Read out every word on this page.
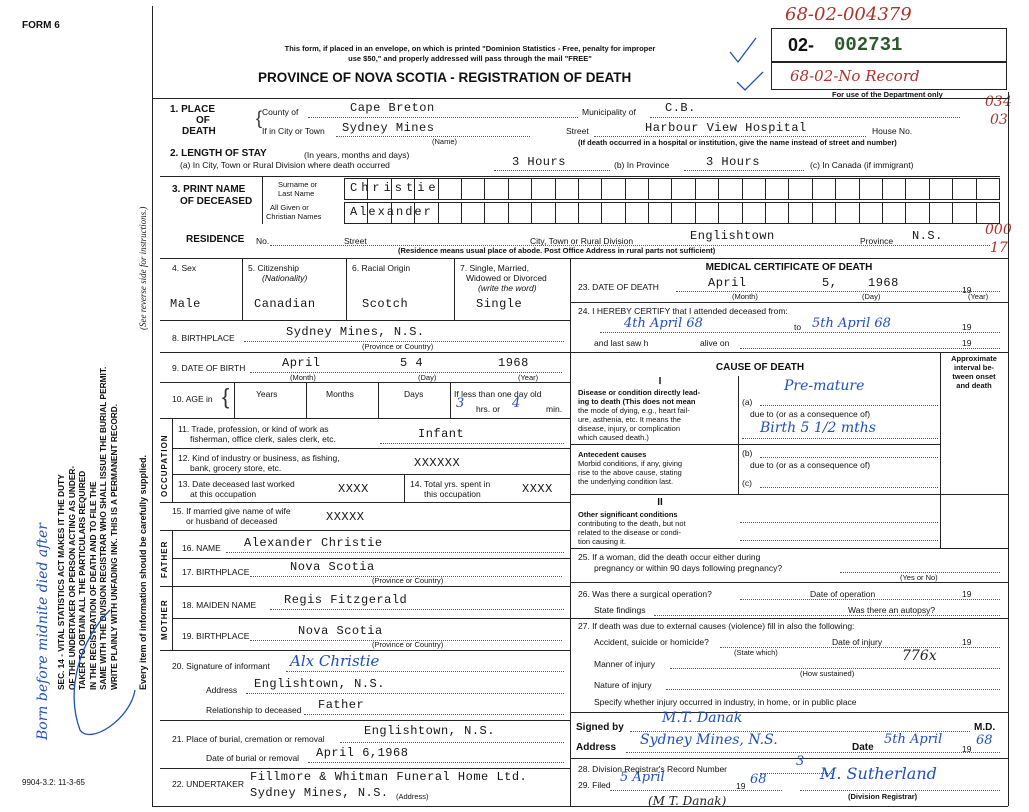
FORM 6
68-02-004379
02- 002731
68-02-No Record
For use of the Department only	034
03
000
17
This form, if placed in an envelope, on which is printed "Dominion Statistics - Free, penalty for improper
use $50," and properly addressed will pass through the mail "FREE"
PROVINCE OF NOVA SCOTIA - REGISTRATION OF DEATH
Born before midnite died after SEC. 14 - VITAL STATISTICS ACT MAKES IT THE DUTY OF THE UNDERTAKER OR PERSON ACTING AS UNDER- TAKER TO OBTAIN ALL THE PARTICULARS REQUIRED IN THE REGISTRATION OF DEATH AND TO FILE THE SAME WITH THE DIVISION REGISTRAR WHO SHALL ISSUE THE BURIAL PERMIT. WRITE PLAINLY WITH UNFADING INK. THIS IS A PERMANENT RECORD.
(See reverse side for instructions.)
Every item of information should be carefully supplied.
1. PLACE
OF
DEATH
{ County of	Cape Breton	Municipality of C.B.
If in City or Town Sydney Mines
(Name)
Street	Harbour View Hospital	House No.
(If death occurred in a hospital or institution, give the name instead of street and number)
2. LENGTH OF STAY	(In years, months and days)
(a) In City, Town or Rural Division where death occurred	3 Hours	(b) In Province	3 Hours	(c) In Canada (if immigrant)
3. PRINT NAME
OF DECEASED
Surname or
Last Name
All Given or
Christian Names
Christie
Alexander
RESIDENCE No.	Street	City, Town or Rural Division	Englishtown	Province N.S.
(Residence means usual place of abode. Post Office Address in rural parts not sufficient)
4. Sex	5. Citizenship
(Nationality)
6. Racial Origin	7. Single, Married,
Widowed or Divorced
(write the word)
Male	Canadian	Scotch	Single
8. BIRTHPLACE	Sydney Mines, N.S.
(Province or Country)
9. DATE OF BIRTH	April	5 4	1968
(Month)	(Day)	(Year)
10. AGE in {	Years	Months	Days	If less than one day old
3 hrs. or 4	min.
OCCUPATION
11. Trade, profession, or kind of work as
fisherman, office clerk, sales clerk, etc.	Infant
12. Kind of industry or business, as fishing,
bank, grocery store, etc.	XXXXXX
13. Date deceased last worked
at this occupation	XXXX	14. Total yrs. spent in
this occupation	XXXX
15. If married give name of wife
or husband of deceased	XXXXX
FATHER 16. NAME Alexander Christie
17. BIRTHPLACE	Nova Scotia
(Province or Country)
MOTHER 18. MAIDEN NAME Regis Fitzgerald
19. BIRTHPLACE	Nova Scotia
(Province or Country)
20. Signature of informant Alx Christie
Address Englishtown, N.S.
Relationship to deceased Father
21. Place of burial, cremation or removal
Englishtown, N.S.
Date of burial or removal April 6,1968
22. UNDERTAKER Fillmore & Whitman Funeral Home Ltd.
Sydney Mines, N.S. (Address)
9904-3.2: 11-3-65
MEDICAL CERTIFICATE OF DEATH
23. DATE OF DEATH	April	5,	1968	19
(Month)	(Day)	(Year)
24. I HEREBY CERTIFY that I attended deceased from:
4th April 68	to 5th April 68	19
and last saw h	alive on	19
CAUSE OF DEATH
Approximate
interval be-
tween onset
and death
I
Disease or condition directly lead-
ing to death (This does not mean
the mode of dying, e.g., heart fail-
ure, asthenia, etc. It means the
disease, injury, or complication
which caused death.)
(a)
Pre-mature
due to (or as a consequence of)
Birth 5 1/2 mths
Antecedent causes
Morbid conditions, if any, giving
rise to the above cause, stating
the underlying condition last.
(b)
due to (or as a consequence of)
(c)
II
Other significant conditions
contributing to the death, but not
related to the disease or condi-
tion causing it.
25. If a woman, did the death occur either during
pregnancy or within 90 days following pregnancy?
(Yes or No)
26. Was there a surgical operation?	Date of operation	19
State findings	Was there an autopsy?
27. If death was due to external causes (violence) fill in also the following:
Accident, suicide or homicide?	Date of injury	19
(State which)
Manner of injury	776x
(How sustained)
Nature of injury
Specify whether injury occurred in industry, in home, or in public place
Signed by
M.T. Danak
M.D.
Address Sydney Mines, N.S.	Date
5th April
19
68
28. Division Registrar's Record Number	3
29. Filed 5 April
19 68	M. Sutherland
(Division Registrar)
(M T. Danak)
